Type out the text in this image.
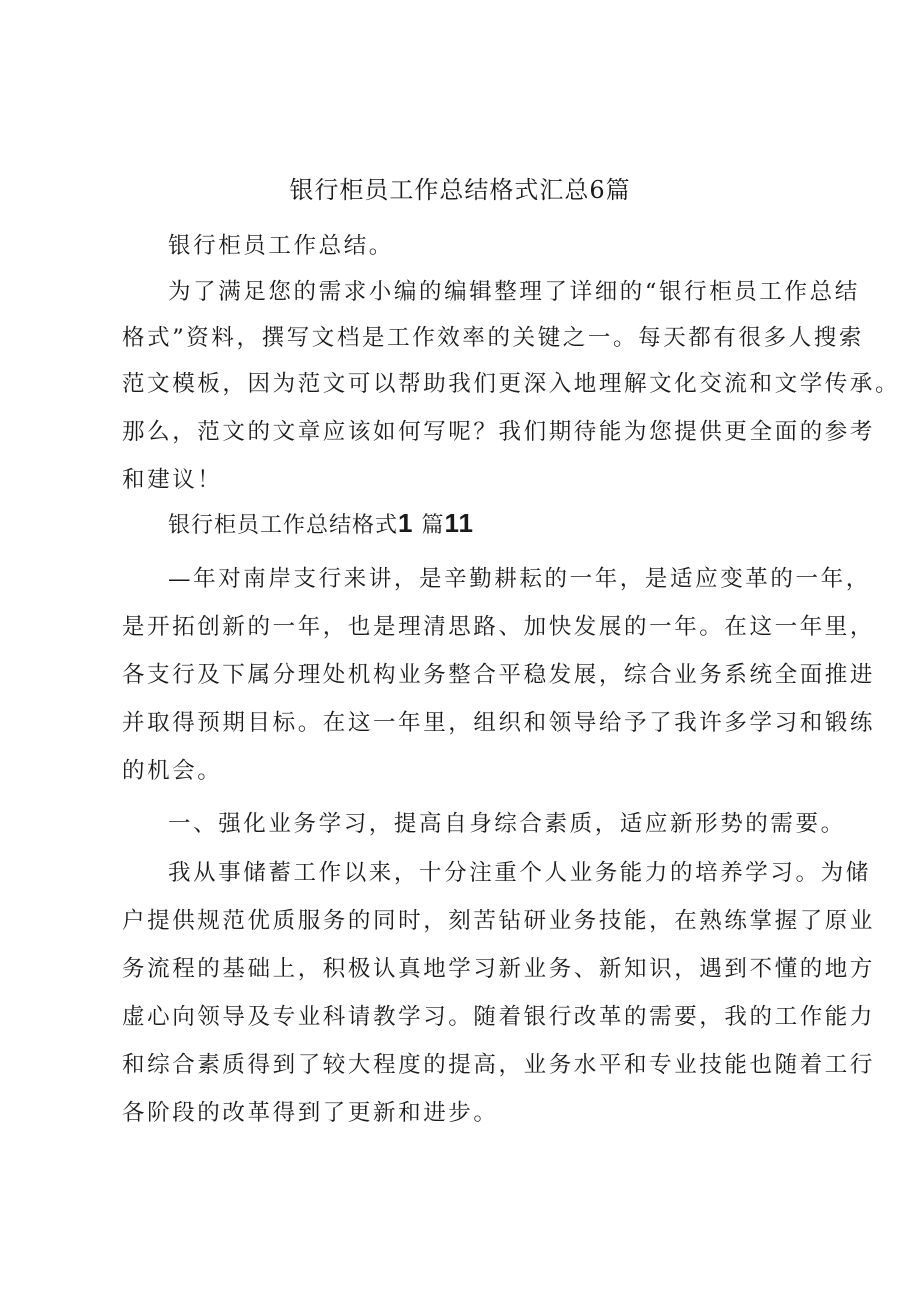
银行柜员工作总结格式汇总6篇
银行柜员工作总结。
为了满足您的需求小编的编辑整理了详细的“银行柜员工作总结
格式”资料，撰写文档是工作效率的关键之一。每天都有很多人搜索
范文模板，因为范文可以帮助我们更深入地理解文化交流和文学传承。
那么，范文的文章应该如何写呢？我们期待能为您提供更全面的参考
和建议！
银行柜员工作总结格式1 篇11
—年对南岸支行来讲，是辛勤耕耘的一年，是适应变革的一年，
是开拓创新的一年，也是理清思路、加快发展的一年。在这一年里，
各支行及下属分理处机构业务整合平稳发展，综合业务系统全面推进
并取得预期目标。在这一年里，组织和领导给予了我许多学习和锻练
的机会。
一、强化业务学习，提高自身综合素质，适应新形势的需要。
我从事储蓄工作以来，十分注重个人业务能力的培养学习。为储
户提供规范优质服务的同时，刻苦钻研业务技能，在熟练掌握了原业
务流程的基础上，积极认真地学习新业务、新知识，遇到不懂的地方
虚心向领导及专业科请教学习。随着银行改革的需要，我的工作能力
和综合素质得到了较大程度的提高，业务水平和专业技能也随着工行
各阶段的改革得到了更新和进步。
